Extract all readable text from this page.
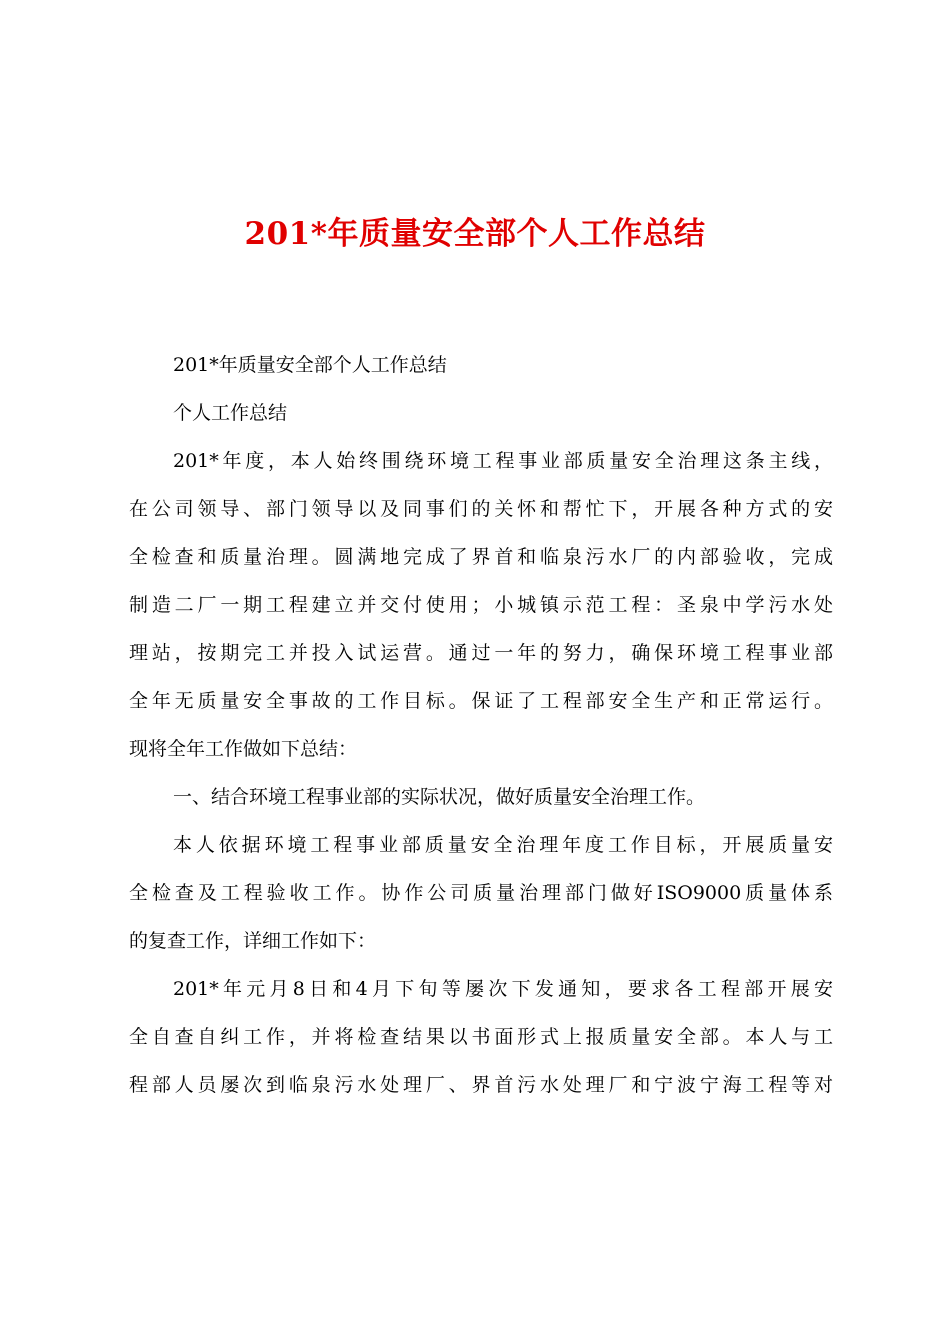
201*年质量安全部个人工作总结
201*年质量安全部个人工作总结
个人工作总结
201*年度，本人始终围绕环境工程事业部质量安全治理这条主线，
在公司领导、部门领导以及同事们的关怀和帮忙下，开展各种方式的安
全检查和质量治理。圆满地完成了界首和临泉污水厂的内部验收，完成
制造二厂一期工程建立并交付使用；小城镇示范工程：圣泉中学污水处
理站，按期完工并投入试运营。通过一年的努力，确保环境工程事业部
全年无质量安全事故的工作目标。保证了工程部安全生产和正常运行。
现将全年工作做如下总结：
一、结合环境工程事业部的实际状况，做好质量安全治理工作。
本人依据环境工程事业部质量安全治理年度工作目标，开展质量安
全检查及工程验收工作。协作公司质量治理部门做好ISO9000质量体系
的复查工作，详细工作如下：
201*年元月8日和4月下旬等屡次下发通知，要求各工程部开展安
全自查自纠工作，并将检查结果以书面形式上报质量安全部。本人与工
程部人员屡次到临泉污水处理厂、界首污水处理厂和宁波宁海工程等对
